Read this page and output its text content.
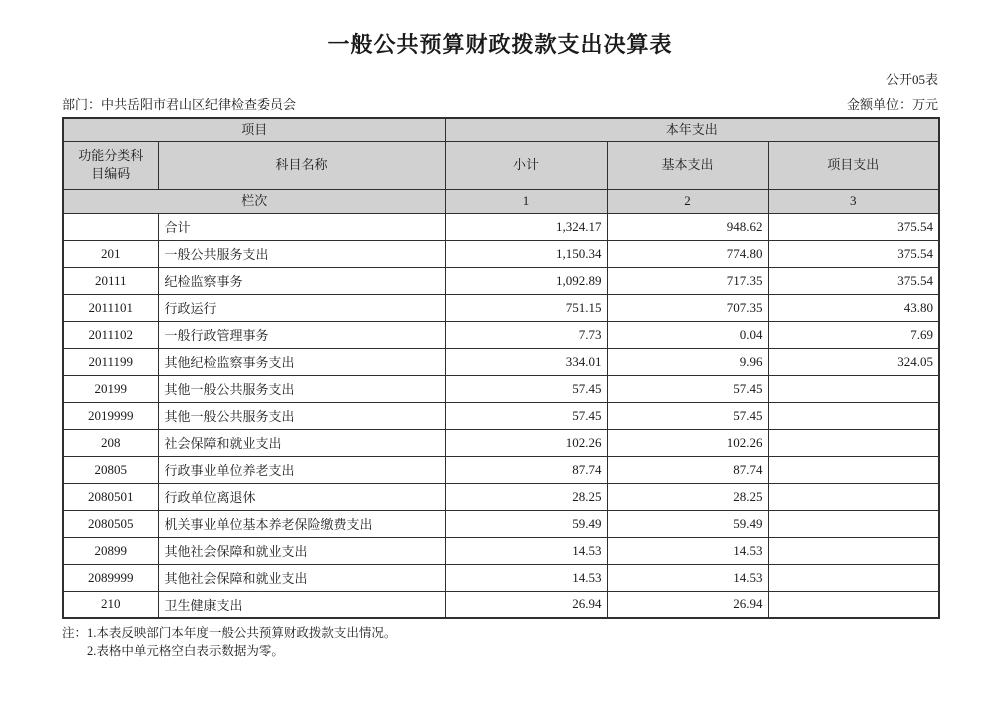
一般公共预算财政拨款支出决算表
公开05表
部门：中共岳阳市君山区纪律检查委员会	金额单位：万元
项目		本年支出		
功能分类科目编码	科目名称	小计	基本支出	项目支出
栏次		1	2	3
	合计	1,324.17	948.62	375.54
201	一般公共服务支出	1,150.34	774.80	375.54
20111	纪检监察事务	1,092.89	717.35	375.54
2011101	行政运行	751.15	707.35	43.80
2011102	一般行政管理事务	7.73	0.04	7.69
2011199	其他纪检监察事务支出	334.01	9.96	324.05
20199	其他一般公共服务支出	57.45	57.45	
2019999	其他一般公共服务支出	57.45	57.45	
208	社会保障和就业支出	102.26	102.26	
20805	行政事业单位养老支出	87.74	87.74	
2080501	行政单位离退休	28.25	28.25	
2080505	机关事业单位基本养老保险缴费支出	59.49	59.49	
20899	其他社会保障和就业支出	14.53	14.53	
2089999	其他社会保障和就业支出	14.53	14.53	
210	卫生健康支出	26.94	26.94	
注： 1.本表反映部门本年度一般公共预算财政拨款支出情况。
2.表格中单元格空白表示数据为零。
